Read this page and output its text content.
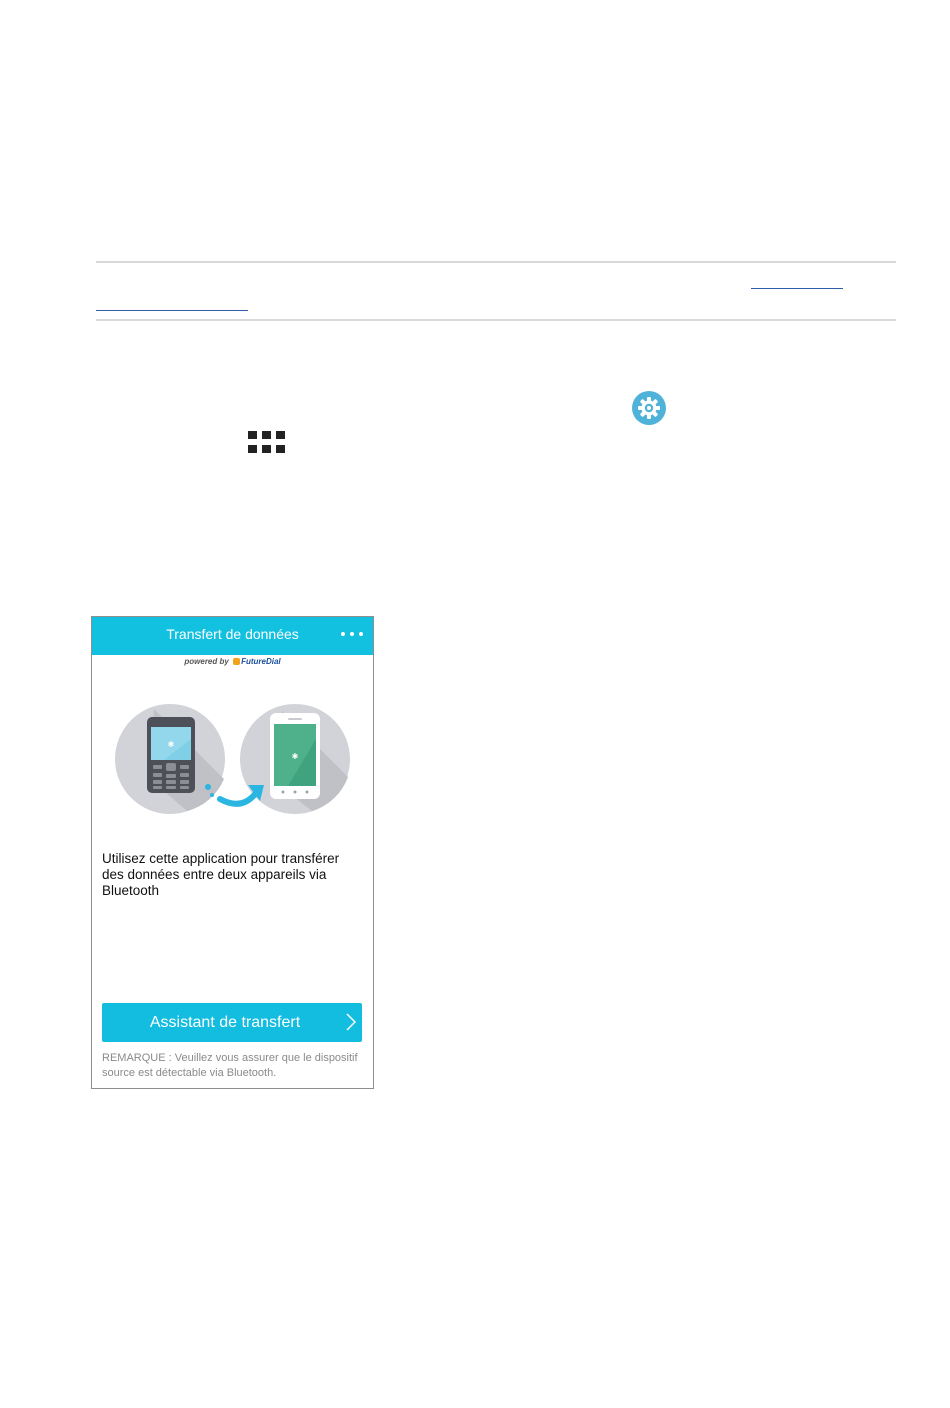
Transfert de données
powered by FutureDial
✱
✱
Utilisez cette application pour transférer des données entre deux appareils via Bluetooth
Assistant de transfert
REMARQUE : Veuillez vous assurer que le dispositif source est détectable via Bluetooth.
